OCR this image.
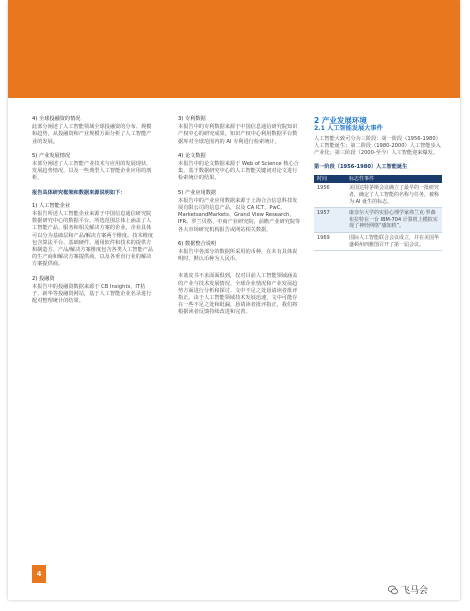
4) 全球投融资的情况
此部分阐述了人工智能领域全球投融资的分布、规模和趋势，从投融资和产业规模方面分析了人工智能产业的发展。
5) 产业发展情况
本部分阐述了人工智能产业技术与应用的发展现状、发展趋势情况，以及一些典型人工智能企业应用的剖析。
报告具体研究框架和数据来源说明如下：
1) 人工智能企业
本报告所述人工智能企业来源于中国信息通信研究院数据研究中心的数据平台，所选范围总体上涵盖了人工智能产品、服务和相关解决方案的企业。企业具体可以分为基础层和产品/解决方案两个维度。技术维度包含算法平台、基础硬件、通用软件和技术的提供方和制造方。产品/解决方案维度包含各类人工智能产品的生产商和解决方案提供商，以及各垂直行业的解决方案提供商。
2) 投融资
本报告中的投融资数据来源于 CB Insights、IT桔子、新华等投融资网站，基于人工智能企业名录进行配对整理统计的结果。
3) 专利数据
本报告中的专利数据来源于中国信息通信研究院知识产权中心的研究成果。知识产权中心利用数据平台数据库对全球范围内的 AI 专利进行检索统计。
4) 论文数据
本报告中的论文数据来源于 Web of Science 核心合集，基于数据研究中心的人工智能关键词对论文进行检索统计的结果。
5) 产业应用数据
本报告中的产业应用数据来源于上海合合信息科技发展有限公司的信息产品，以及 CA ICT、PwC、MarketsandMarkets、Grand View Research、IFR、罗兰贝格、中商产业研究院、前瞻产业研究院等各大市场研究机构报告或网站相关数据。
6) 数据整合说明
本报告中各部分的数据所采用的币种，在未有具体说明时，默认币种为人民币。
本蓝皮书不求面面俱到，仅对目前人工智能领域涵盖的产业与技术发展情况、全球企业情况和产业发展趋势方面进行分析和探讨。文中不足之处恳请读者批评指正。由于人工智能领域技术发展迅速，文中可能存在一些不足之处和纰漏，恳请读者批评指正，我们将根据读者反馈持续改进和完善。
2 产业发展环境
2.1 人工智能发展大事件
人工智能大致可分为三阶段：第一阶段（1956-1980）人工智能诞生；第二阶段（1980-2000）人工智能步入产业化；第三阶段（2000-至今）人工智能迎来爆发。
第一阶段（1956-1980）人工智能诞生
时间	标志性事件
1956	美国达特茅斯会议确立了最早的一批研究者，确定了人工智能的名称与任务，被称为 AI 诞生的标志。
1957	康奈尔大学的实验心理学家弗兰克·罗森布拉特在一台 IBM-704 计算机上模拟实现了神经网络“感知机”。
1969	国际人工智能联合会议成立，并在美国华盛顿州西雅图召开了第一届会议。
4
飞马会
